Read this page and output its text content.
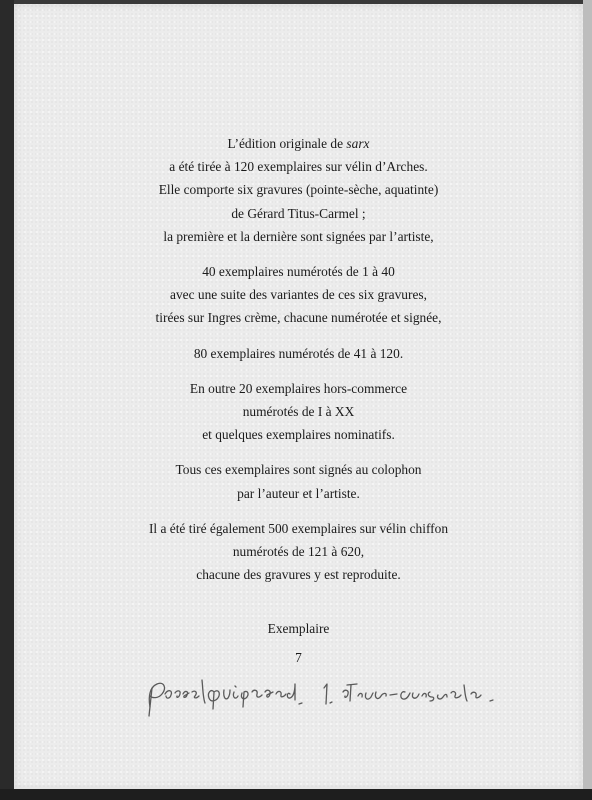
L’édition originale de sarx
a été tirée à 120 exemplaires sur vélin d’Arches.
Elle comporte six gravures (pointe-sèche, aquatinte)
de Gérard Titus-Carmel ;
la première et la dernière sont signées par l’artiste,
40 exemplaires numérotés de 1 à 40
avec une suite des variantes de ces six gravures,
tirées sur Ingres crème, chacune numérotée et signée,
80 exemplaires numérotés de 41 à 120.
En outre 20 exemplaires hors-commerce
numérotés de I à XX
et quelques exemplaires nominatifs.
Tous ces exemplaires sont signés au colophon
par l’auteur et l’artiste.
Il a été tiré également 500 exemplaires sur vélin chiffon
numérotés de 121 à 620,
chacune des gravures y est reproduite.
Exemplaire
7
